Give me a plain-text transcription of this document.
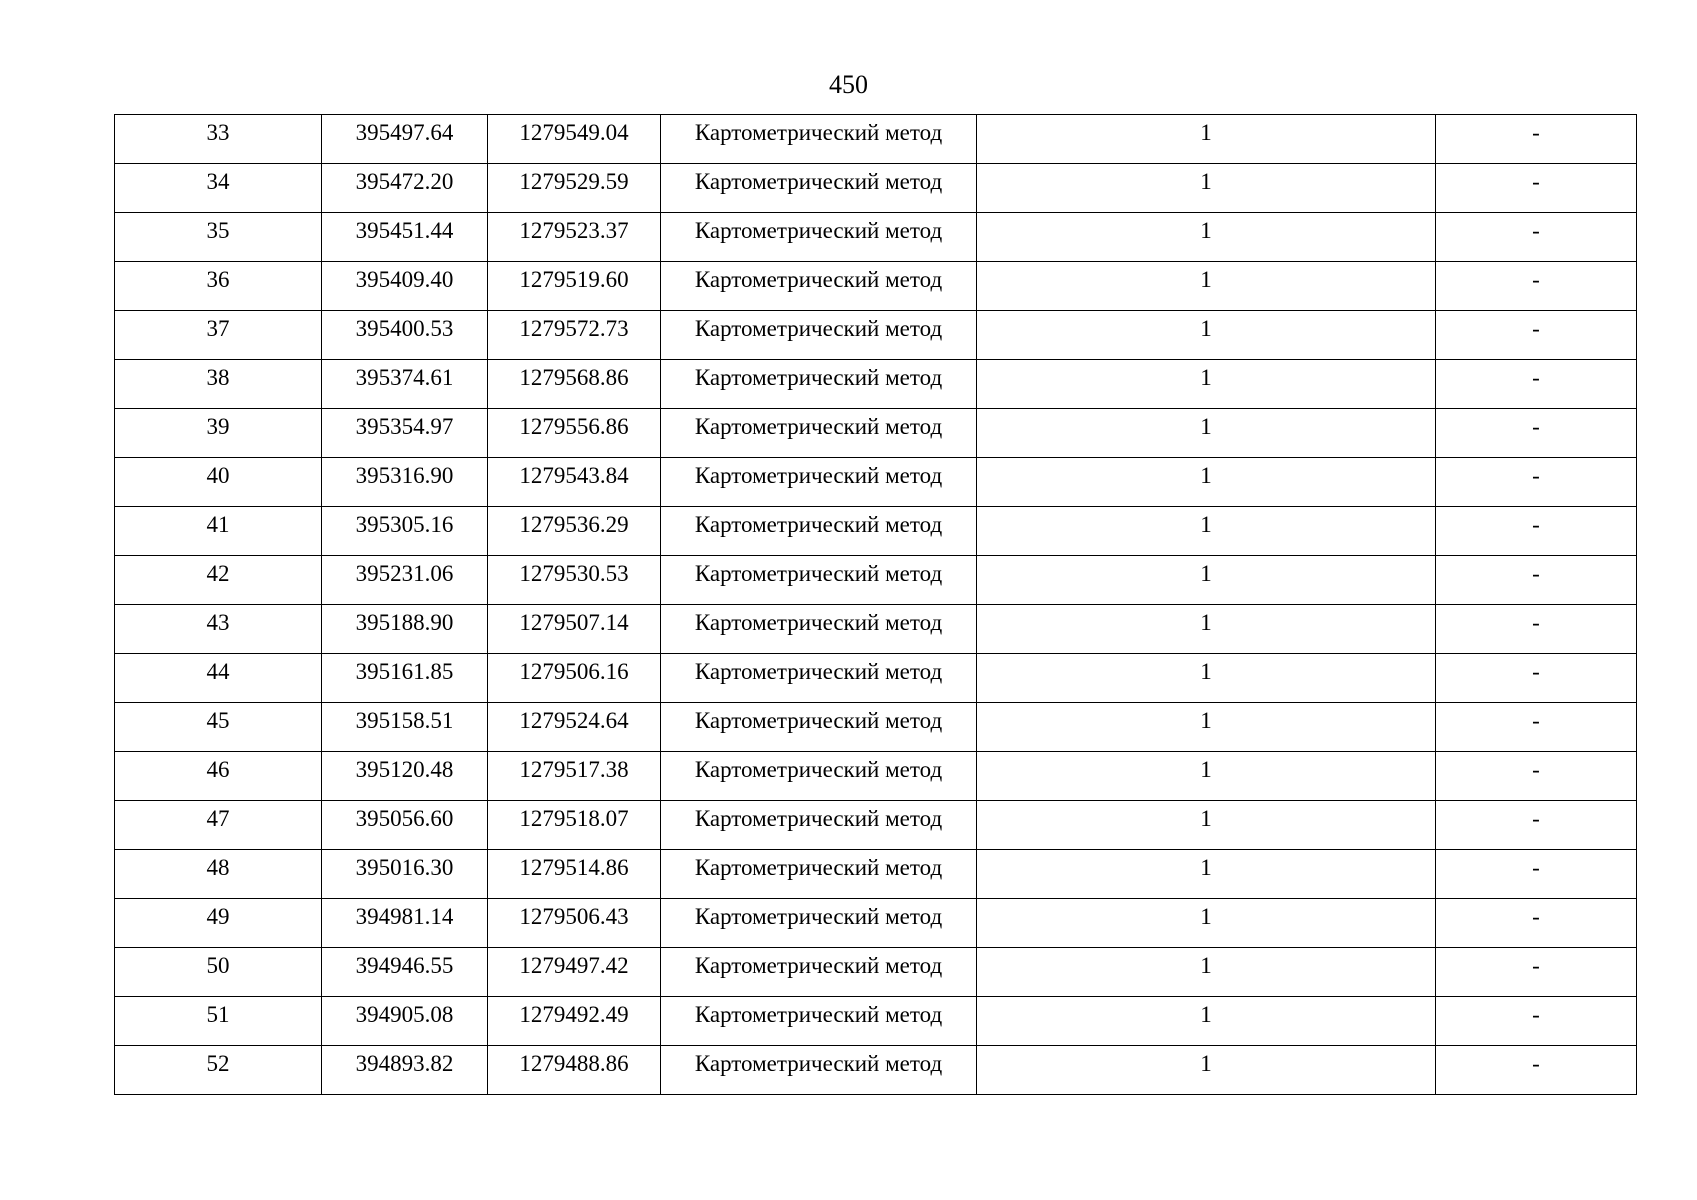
450
33	395497.64	1279549.04	Картометрический метод	1	-
34	395472.20	1279529.59	Картометрический метод	1	-
35	395451.44	1279523.37	Картометрический метод	1	-
36	395409.40	1279519.60	Картометрический метод	1	-
37	395400.53	1279572.73	Картометрический метод	1	-
38	395374.61	1279568.86	Картометрический метод	1	-
39	395354.97	1279556.86	Картометрический метод	1	-
40	395316.90	1279543.84	Картометрический метод	1	-
41	395305.16	1279536.29	Картометрический метод	1	-
42	395231.06	1279530.53	Картометрический метод	1	-
43	395188.90	1279507.14	Картометрический метод	1	-
44	395161.85	1279506.16	Картометрический метод	1	-
45	395158.51	1279524.64	Картометрический метод	1	-
46	395120.48	1279517.38	Картометрический метод	1	-
47	395056.60	1279518.07	Картометрический метод	1	-
48	395016.30	1279514.86	Картометрический метод	1	-
49	394981.14	1279506.43	Картометрический метод	1	-
50	394946.55	1279497.42	Картометрический метод	1	-
51	394905.08	1279492.49	Картометрический метод	1	-
52	394893.82	1279488.86	Картометрический метод	1	-
